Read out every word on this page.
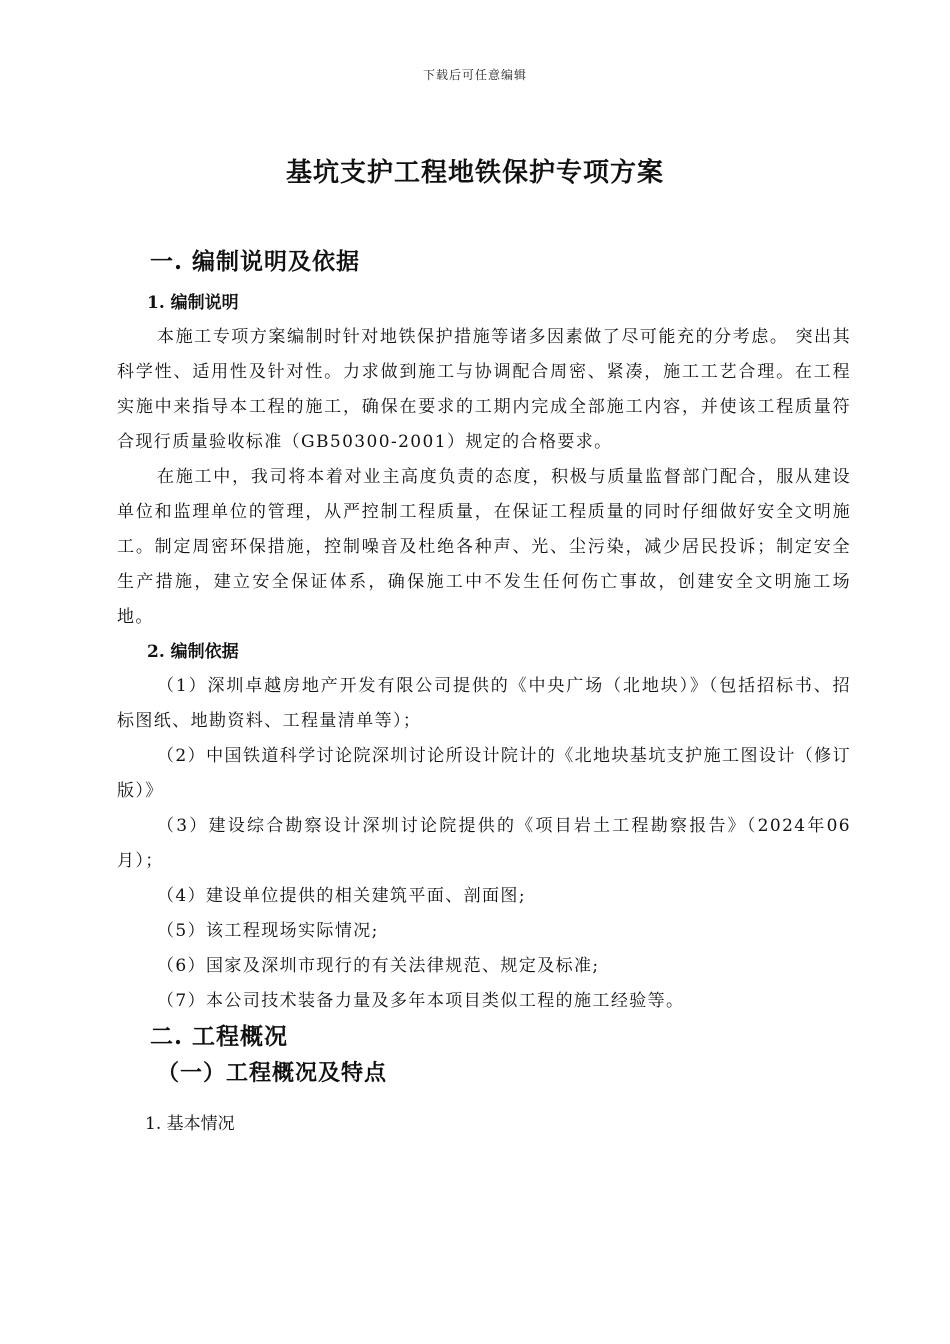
下载后可任意编辑
基坑支护工程地铁保护专项方案
一. 编制说明及依据
1. 编制说明

本施工专项方案编制时针对地铁保护措施等诸多因素做了尽可能充的分考虑。 突出其科学性、适用性及针对性。力求做到施工与协调配合周密、紧凑，施工工艺合理。在工程实施中来指导本工程的施工，确保在要求的工期内完成全部施工内容，并使该工程质量符合现行质量验收标准（GB50300-2001）规定的合格要求。

在施工中，我司将本着对业主高度负责的态度，积极与质量监督部门配合，服从建设单位和监理单位的管理，从严控制工程质量，在保证工程质量的同时仔细做好安全文明施工。制定周密环保措施，控制噪音及杜绝各种声、光、尘污染，减少居民投诉；制定安全生产措施，建立安全保证体系，确保施工中不发生任何伤亡事故，创建安全文明施工场地。

2. 编制依据
（1）深圳卓越房地产开发有限公司提供的《中央广场（北地块）》（包括招标书、招标图纸、地勘资料、工程量清单等）；
（2）中国铁道科学讨论院深圳讨论所设计院计的《北地块基坑支护施工图设计（修订版）》
（3）建设综合勘察设计深圳讨论院提供的《项目岩土工程勘察报告》（2024年06月）；
（4）建设单位提供的相关建筑平面、剖面图;
（5）该工程现场实际情况;
（6）国家及深圳市现行的有关法律规范、规定及标准;
（7）本公司技术装备力量及多年本项目类似工程的施工经验等。
二. 工程概况
（一）工程概况及特点

1. 基本情况
